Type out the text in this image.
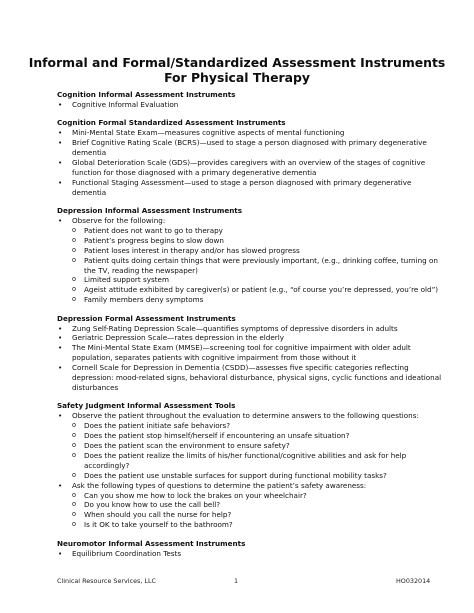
Informal and Formal/Standardized Assessment Instruments
For Physical Therapy
Cognition Informal Assessment Instruments
• Cognitive Informal Evaluation
Cognition Formal Standardized Assessment Instruments
• Mini-Mental State Exam—measures cognitive aspects of mental functioning
• Brief Cognitive Rating Scale (BCRS)—used to stage a person diagnosed with primary degenerative dementia
• Global Deterioration Scale (GDS)—provides caregivers with an overview of the stages of cognitive function for those diagnosed with a primary degenerative dementia
• Functional Staging Assessment—used to stage a person diagnosed with primary degenerative dementia
Depression Informal Assessment Instruments
• Observe for the following:
o Patient does not want to go to therapy
o Patient’s progress begins to slow down
o Patient loses interest in therapy and/or has slowed progress
o Patient quits doing certain things that were previously important, (e.g., drinking coffee, turning on the TV, reading the newspaper)
o Limited support system
o Ageist attitude exhibited by caregiver(s) or patient (e.g., “of course you’re depressed, you’re old”)
o Family members deny symptoms
Depression Formal Assessment Instruments
• Zung Self-Rating Depression Scale—quantifies symptoms of depressive disorders in adults
• Geriatric Depression Scale—rates depression in the elderly
• The Mini-Mental State Exam (MMSE)—screening tool for cognitive impairment with older adult population, separates patients with cognitive impairment from those without it
• Cornell Scale for Depression in Dementia (CSDD)—assesses five specific categories reflecting depression: mood-related signs, behavioral disturbance, physical signs, cyclic functions and ideational disturbances
Safety Judgment Informal Assessment Tools
• Observe the patient throughout the evaluation to determine answers to the following questions:
o Does the patient initiate safe behaviors?
o Does the patient stop himself/herself if encountering an unsafe situation?
o Does the patient scan the environment to ensure safety?
o Does the patient realize the limits of his/her functional/cognitive abilities and ask for help accordingly?
o Does the patient use unstable surfaces for support during functional mobility tasks?
• Ask the following types of questions to determine the patient’s safety awareness:
o Can you show me how to lock the brakes on your wheelchair?
o Do you know how to use the call bell?
o When should you call the nurse for help?
o Is it OK to take yourself to the bathroom?
Neuromotor Informal Assessment Instruments
• Equilibrium Coordination Tests
Clinical Resource Services, LLC	1	HO032014
